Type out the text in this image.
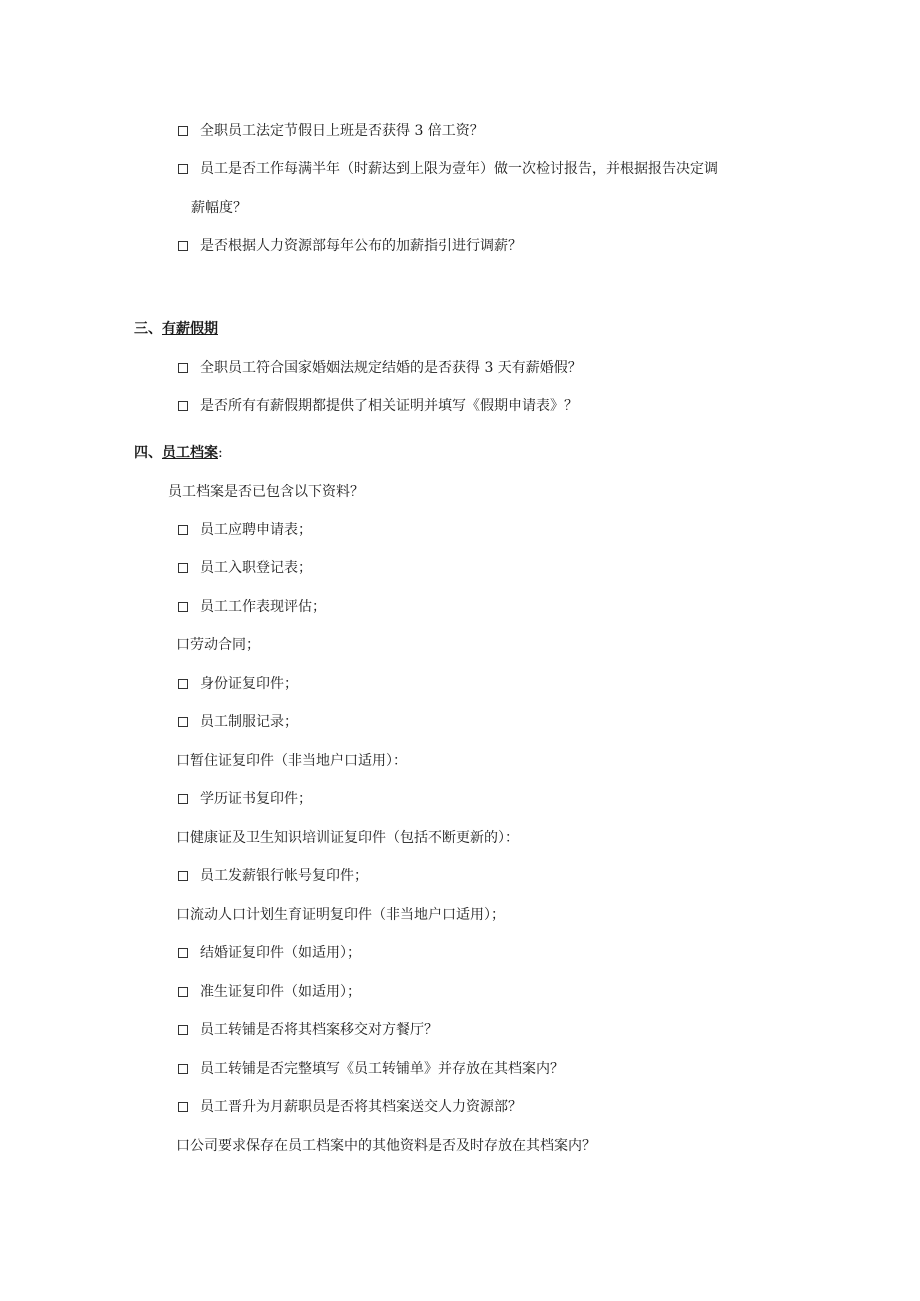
全职员工法定节假日上班是否获得 3 倍工资？
员工是否工作每满半年（时薪达到上限为壹年）做一次检讨报告，并根据报告决定调
薪幅度？
是否根据人力资源部每年公布的加薪指引进行调薪？
三、有薪假期
全职员工符合国家婚姻法规定结婚的是否获得 3 天有薪婚假？
是否所有有薪假期都提供了相关证明并填写《假期申请表》？
四、员工档案:
员工档案是否已包含以下资料？
员工应聘申请表；
员工入职登记表；
员工工作表现评估；
口劳动合同；
身份证复印件；
员工制服记录；
口暂住证复印件（非当地户口适用）：
学历证书复印件；
口健康证及卫生知识培训证复印件（包括不断更新的）：
员工发薪银行帐号复印件；
口流动人口计划生育证明复印件（非当地户口适用）；
结婚证复印件（如适用）；
准生证复印件（如适用）；
员工转铺是否将其档案移交对方餐厅？
员工转铺是否完整填写《员工转铺单》并存放在其档案内？
员工晋升为月薪职员是否将其档案送交人力资源部？
口公司要求保存在员工档案中的其他资料是否及时存放在其档案内？
